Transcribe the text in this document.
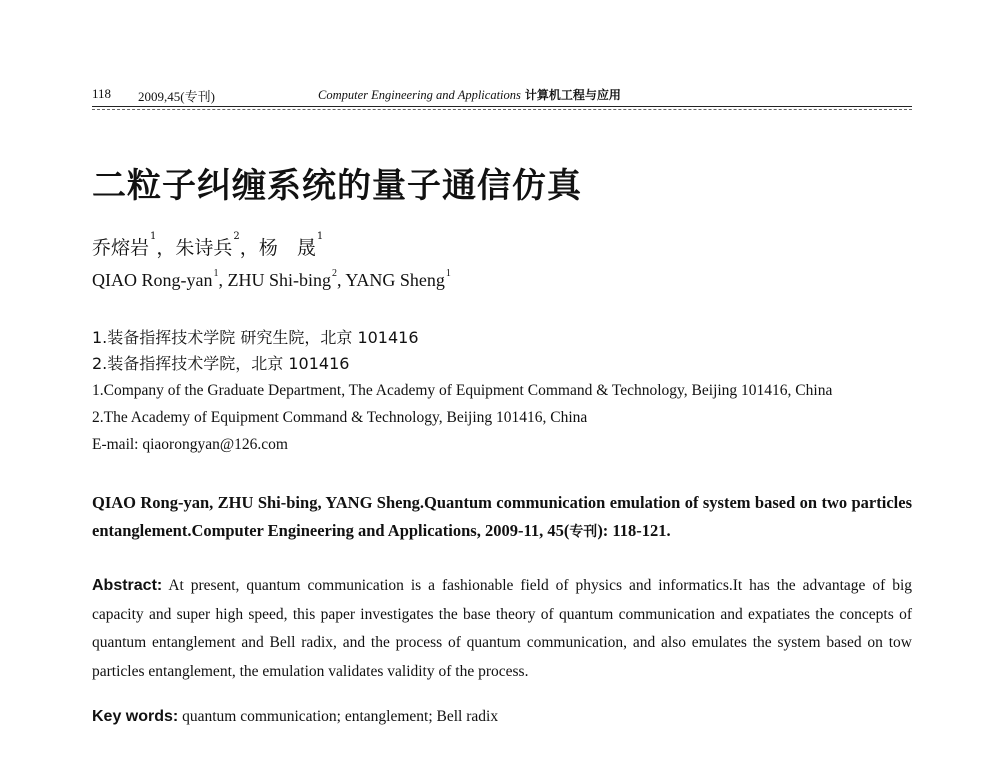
118 2009,45(专刊)	Computer Engineering and Applications 计算机工程与应用
二粒子纠缠系统的量子通信仿真
乔熔岩$^1$，朱诗兵$^2$，杨　晟$^1$
QIAO Rong-yan$^1$, ZHU Shi-bing$^2$, YANG Sheng$^1$
1.装备指挥技术学院 研究生院，北京 101416
2.装备指挥技术学院，北京 101416
1.Company of the Graduate Department, The Academy of Equipment Command & Technology, Beijing 101416, China
2.The Academy of Equipment Command & Technology, Beijing 101416, China
E-mail: qiaorongyan@126.com
QIAO Rong-yan, ZHU Shi-bing, YANG Sheng.Quantum communication emulation of system based on two particles entanglement.Computer Engineering and Applications, 2009-11, 45(专刊): 118-121.
Abstract: At present, quantum communication is a fashionable field of physics and informatics.It has the advantage of big capacity and super high speed, this paper investigates the base theory of quantum communication and expatiates the concepts of quantum entanglement and Bell radix, and the process of quantum communication, and also emulates the system based on tow particles entanglement, the emulation validates validity of the process.
Key words: quantum communication; entanglement; Bell radix
